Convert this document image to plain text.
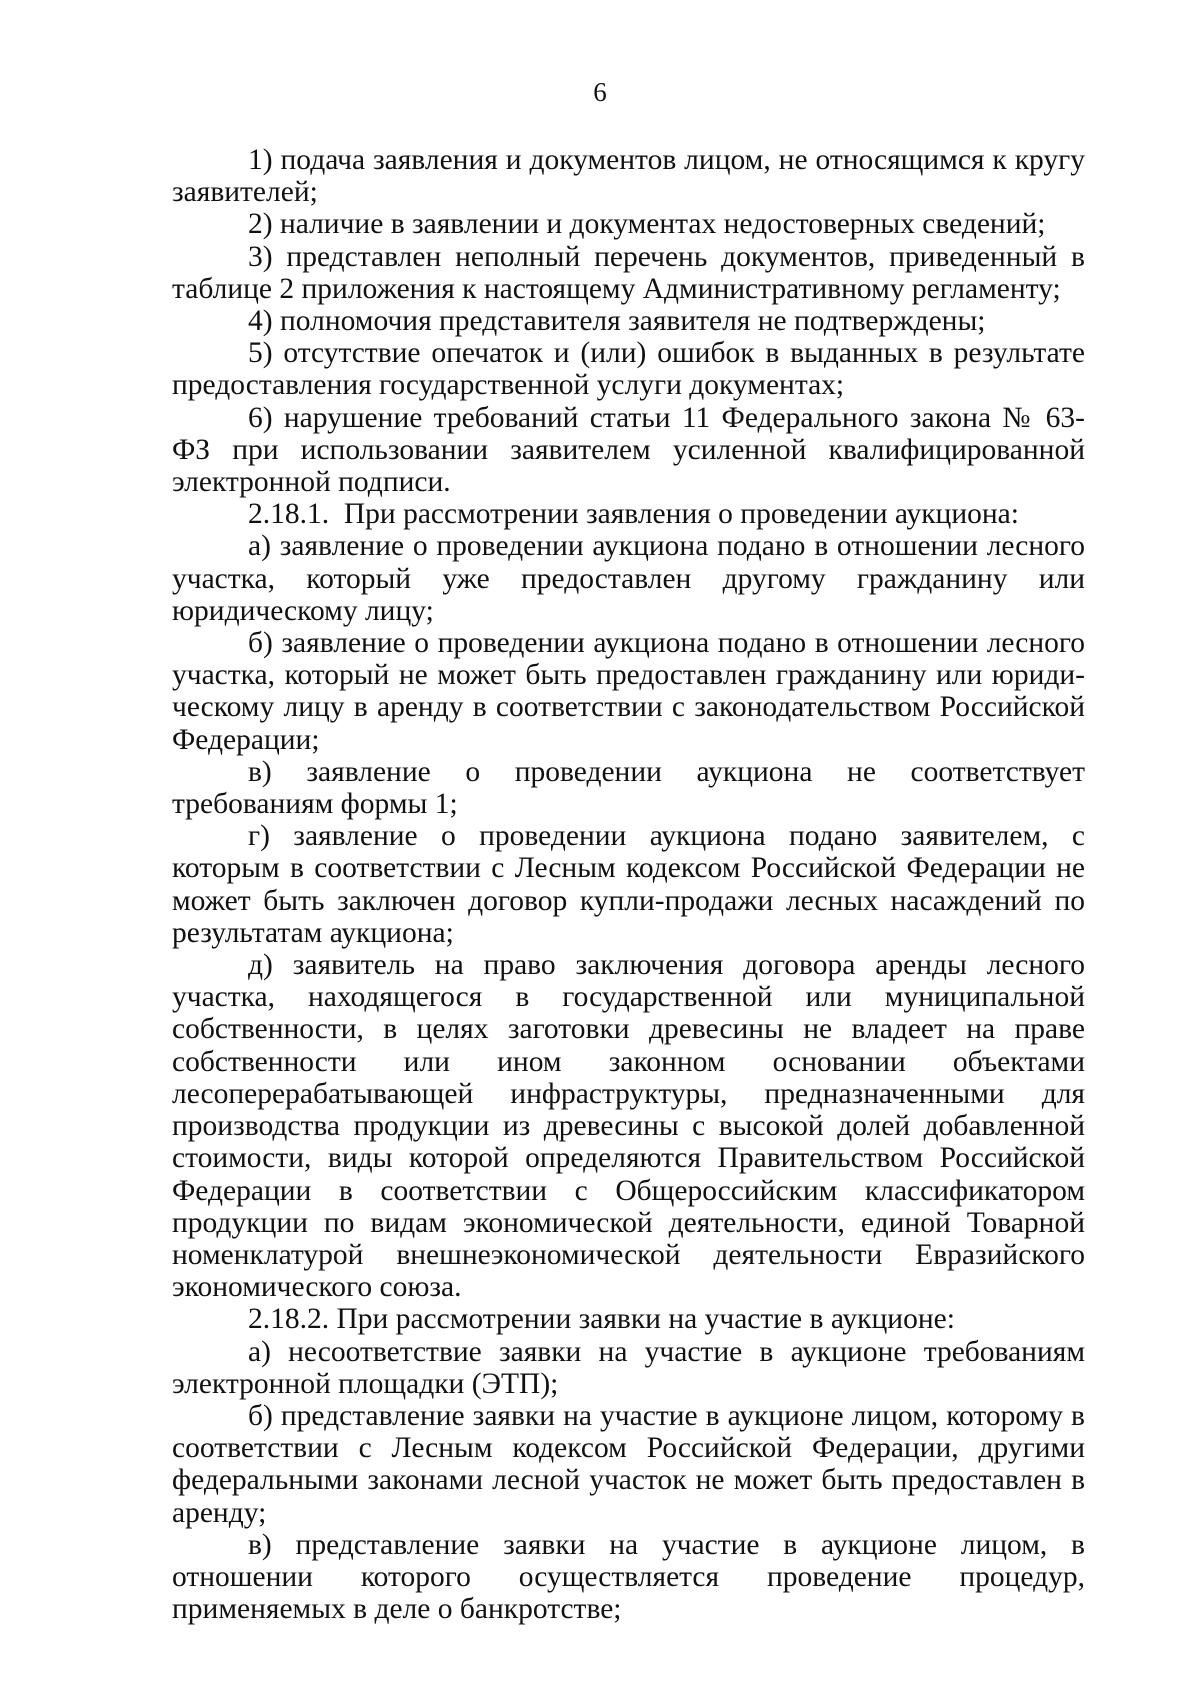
6

1) подача заявления и документов лицом, не относящимся к кругу заявителей;

2) наличие в заявлении и документах недостоверных сведений;

3) представлен неполный перечень документов, приведенный в таблице 2 приложения к настоящему Административному регламенту;

4) полномочия представителя заявителя не подтверждены;

5) отсутствие опечаток и (или) ошибок в выданных в результате предоставления государственной услуги документах;

6) нарушение требований статьи 11 Федерального закона № 63-ФЗ при использовании заявителем усиленной квалифицированной электронной подписи.

2.18.1.  При рассмотрении заявления о проведении аукциона:

а) заявление о проведении аукциона подано в отношении лесного участка, который уже предоставлен другому гражданину или юридическому лицу;

б) заявление о проведении аукциона подано в отношении лесного участка, который не может быть предоставлен гражданину или юридическому лицу в аренду в соответствии с законодательством Российской Федерации;

в) заявление о проведении аукциона не соответствует требованиям формы 1;

г) заявление о проведении аукциона подано заявителем, с которым в соответствии с Лесным кодексом Российской Федерации не может быть заключен договор купли-продажи лесных насаждений по результатам аукциона;

д) заявитель на право заключения договора аренды лесного участка, находящегося в государственной или муниципальной собственности, в целях заготовки древесины не владеет на праве собственности или ином законном основании объектами лесоперерабатывающей инфраструктуры, предназначенными для производства продукции из древесины с высокой долей добавленной стоимости, виды которой определяются Правительством Российской Федерации в соответствии с Общероссийским классификатором продукции по видам экономической деятельности, единой Товарной номенклатурой внешнеэкономической деятельности Евразийского экономического союза.

2.18.2. При рассмотрении заявки на участие в аукционе:

а) несоответствие заявки на участие в аукционе требованиям электронной площадки (ЭТП);

б) представление заявки на участие в аукционе лицом, которому в соответствии с Лесным кодексом Российской Федерации, другими федеральными законами лесной участок не может быть предоставлен в аренду;

в) представление заявки на участие в аукционе лицом, в отношении которого осуществляется проведение процедур, применяемых в деле о банкротстве;
